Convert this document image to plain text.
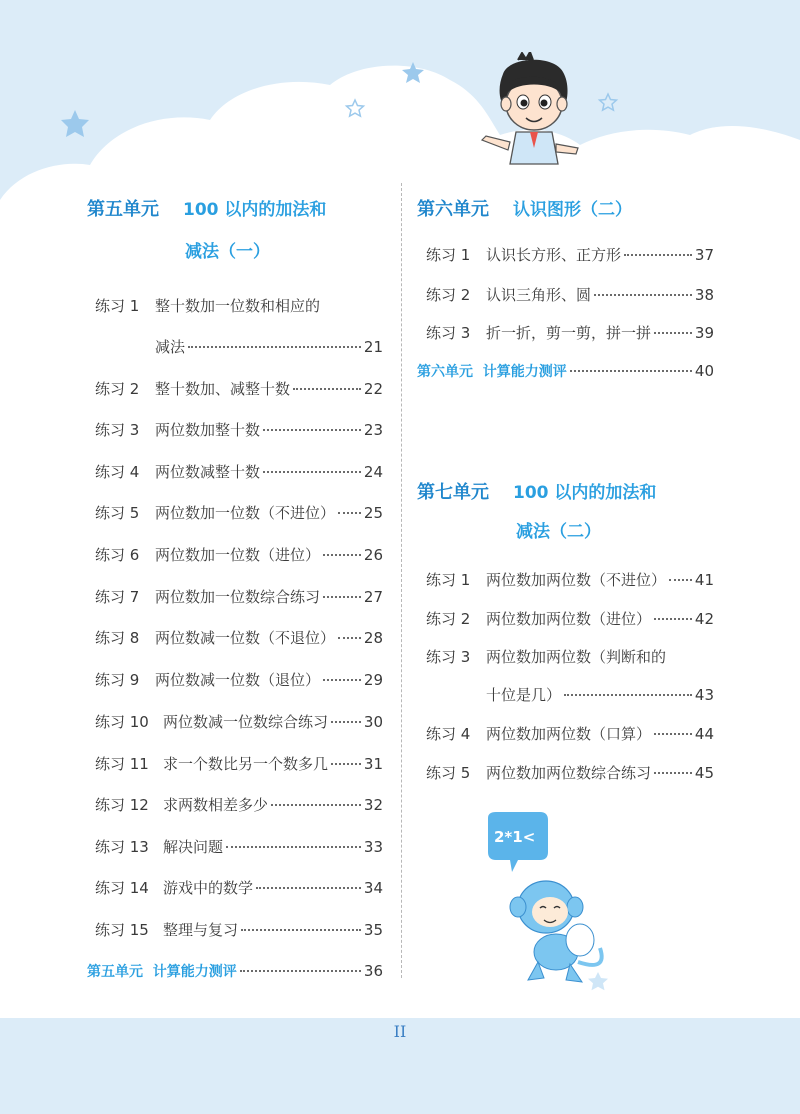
第五单元 100 以内的加法和
减法（一）
练习 1 整十数加一位数和相应的
减法	21
练习 2	整十数加、减整十数	22
练习 3	两位数加整十数	23
练习 4	两位数减整十数	24
练习 5	两位数加一位数（不进位） 25
练习 6	两位数加一位数（进位）	26
练习 7	两位数加一位数综合练习	27
练习 8	两位数减一位数（不退位） 28
练习 9	两位数减一位数（退位）	29
练习 10 两位数减一位数综合练习 30
练习 11 求一个数比另一个数多几 31
练习 12 求两数相差多少	32
练习 13 解决问题	33
练习 14 游戏中的数学	34
练习 15 整理与复习	35
第五单元  计算能力测评	36
第六单元 认识图形（二）
练习 1	认识长方形、正方形	37
练习 2	认识三角形、圆	38
练习 3	折一折，剪一剪，拼一拼	39
第六单元  计算能力测评	40
第七单元 100 以内的加法和
减法（二）
练习 1	两位数加两位数（不进位） 41
练习 2	两位数加两位数（进位）	42
练习 3 两位数加两位数（判断和的
十位是几）	43
练习 4	两位数加两位数（口算）	44
练习 5	两位数加两位数综合练习	45
2*1<
II
